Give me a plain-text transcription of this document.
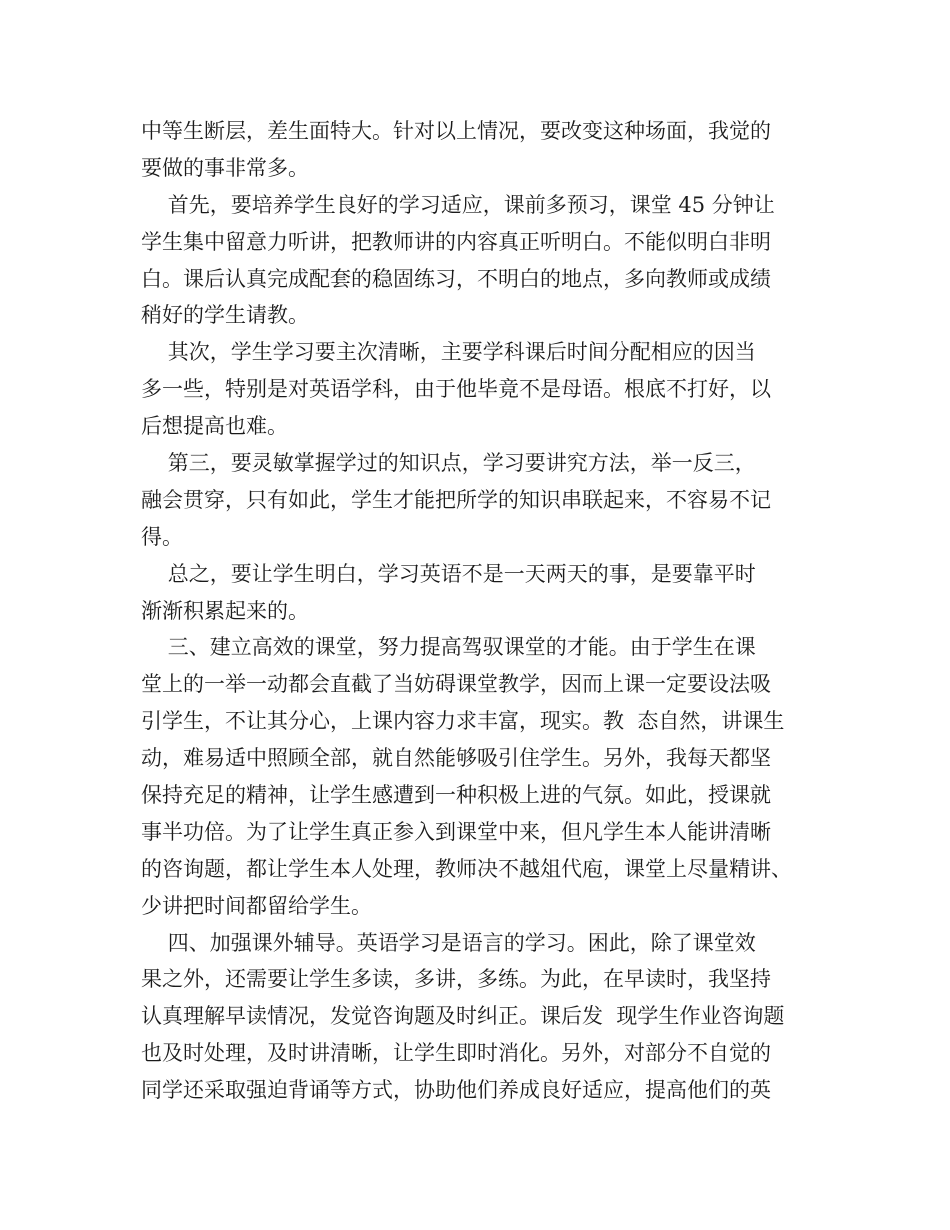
中等生断层，差生面特大。针对以上情况，要改变这种场面，我觉的
要做的事非常多。
首先，要培养学生良好的学习适应，课前多预习，课堂 45 分钟让
学生集中留意力听讲，把教师讲的内容真正听明白。不能似明白非明
白。课后认真完成配套的稳固练习，不明白的地点，多向教师或成绩
稍好的学生请教。
其次，学生学习要主次清晰，主要学科课后时间分配相应的因当
多一些，特别是对英语学科，由于他毕竟不是母语。根底不打好，以
后想提高也难。
第三，要灵敏掌握学过的知识点，学习要讲究方法，举一反三，
融会贯穿，只有如此，学生才能把所学的知识串联起来，不容易不记
得。
总之，要让学生明白，学习英语不是一天两天的事，是要靠平时
渐渐积累起来的。
三、建立高效的课堂，努力提高驾驭课堂的才能。由于学生在课
堂上的一举一动都会直截了当妨碍课堂教学，因而上课一定要设法吸
引学生，不让其分心，上课内容力求丰富，现实。教  态自然，讲课生
动，难易适中照顾全部，就自然能够吸引住学生。另外，我每天都坚
保持充足的精神，让学生感遭到一种积极上进的气氛。如此，授课就
事半功倍。为了让学生真正参入到课堂中来，但凡学生本人能讲清晰
的咨询题，都让学生本人处理，教师决不越俎代庖，课堂上尽量精讲、
少讲把时间都留给学生。
四、加强课外辅导。英语学习是语言的学习。困此，除了课堂效
果之外，还需要让学生多读，多讲，多练。为此，在早读时，我坚持
认真理解早读情况，发觉咨询题及时纠正。课后发  现学生作业咨询题
也及时处理，及时讲清晰，让学生即时消化。另外，对部分不自觉的
同学还采取强迫背诵等方式，协助他们养成良好适应，提高他们的英
